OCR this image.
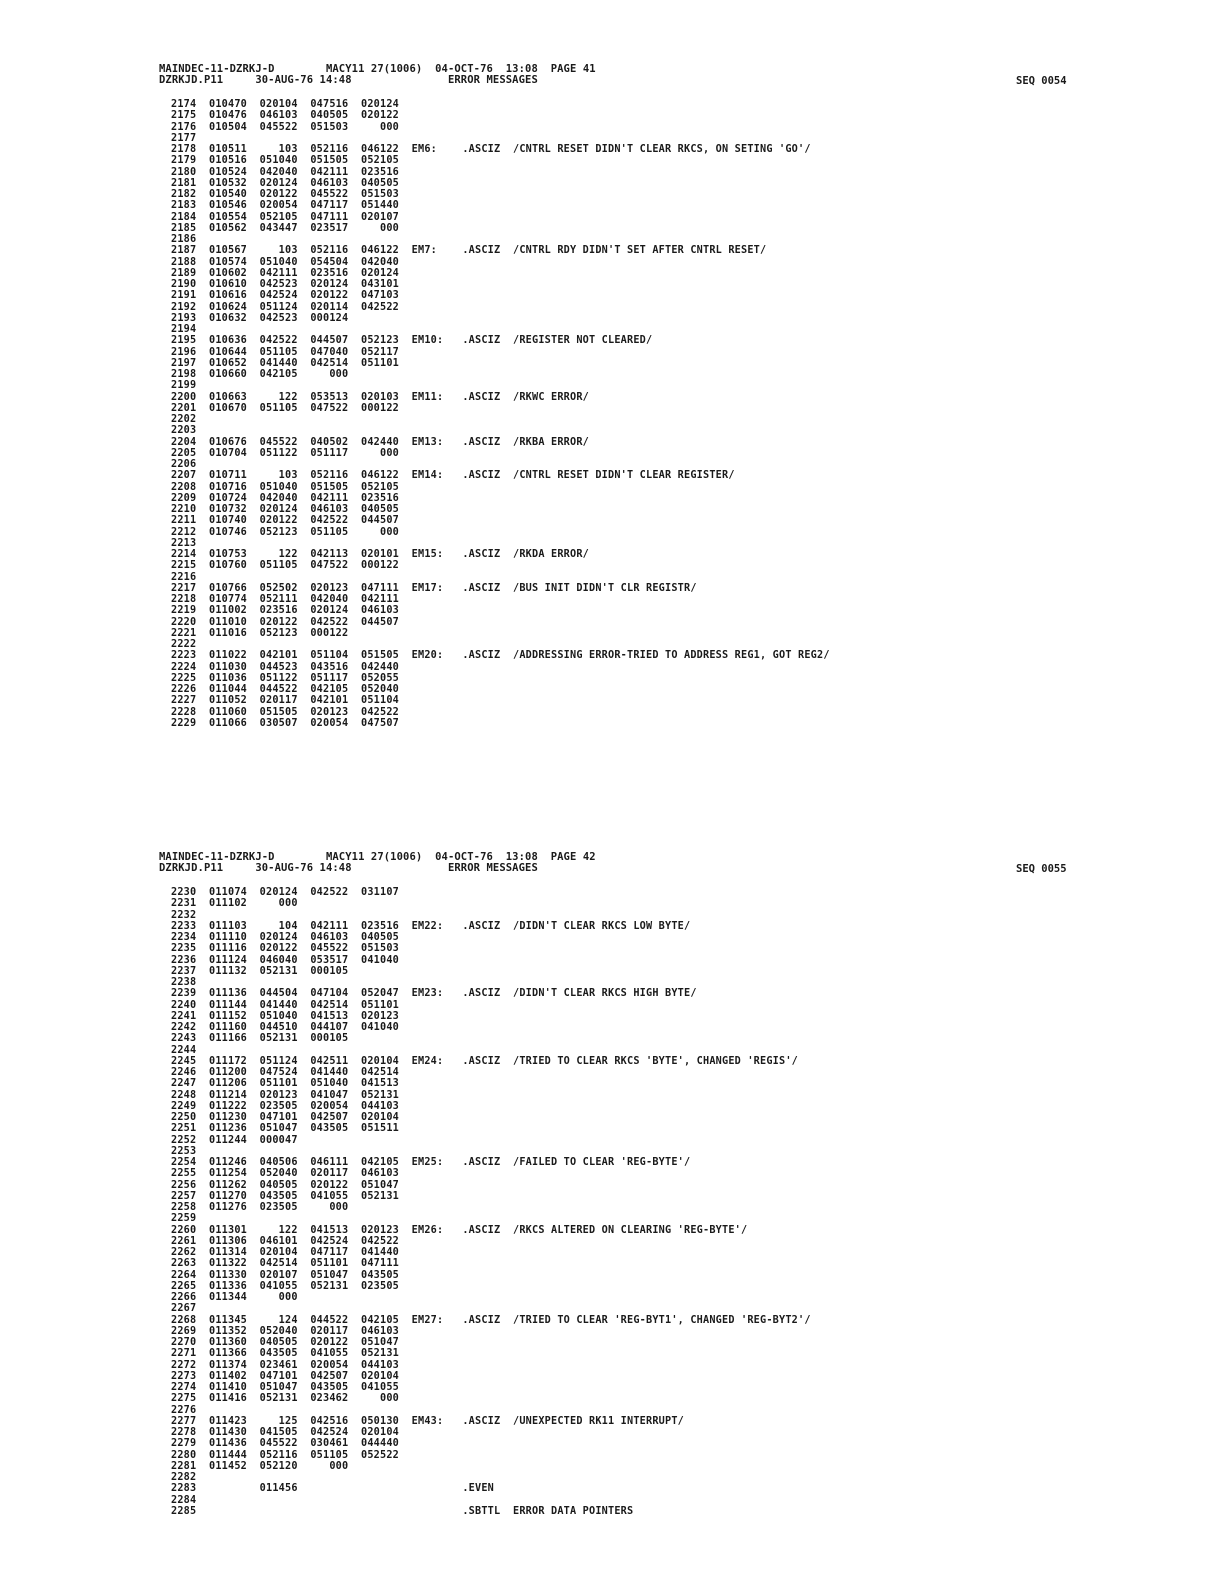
MAINDEC-11-DZRKJ-D        MACY11 27(1006)  04-OCT-76  13:08  PAGE 41
DZRKJD.P11     30-AUG-76 14:48               ERROR MESSAGES	SEQ 0054
2174  010470  020104  047516  020124
2175  010476  046103  040505  020122
2176  010504  045522  051503     000
2177
2178  010511     103  052116  046122  EM6:    .ASCIZ  /CNTRL RESET DIDN'T CLEAR RKCS, ON SETING 'GO'/
2179  010516  051040  051505  052105
2180  010524  042040  042111  023516
2181  010532  020124  046103  040505
2182  010540  020122  045522  051503
2183  010546  020054  047117  051440
2184  010554  052105  047111  020107
2185  010562  043447  023517     000
2186
2187  010567     103  052116  046122  EM7:    .ASCIZ  /CNTRL RDY DIDN'T SET AFTER CNTRL RESET/
2188  010574  051040  054504  042040
2189  010602  042111  023516  020124
2190  010610  042523  020124  043101
2191  010616  042524  020122  047103
2192  010624  051124  020114  042522
2193  010632  042523  000124
2194
2195  010636  042522  044507  052123  EM10:   .ASCIZ  /REGISTER NOT CLEARED/
2196  010644  051105  047040  052117
2197  010652  041440  042514  051101
2198  010660  042105     000
2199
2200  010663     122  053513  020103  EM11:   .ASCIZ  /RKWC ERROR/
2201  010670  051105  047522  000122
2202
2203
2204  010676  045522  040502  042440  EM13:   .ASCIZ  /RKBA ERROR/
2205  010704  051122  051117     000
2206
2207  010711     103  052116  046122  EM14:   .ASCIZ  /CNTRL RESET DIDN'T CLEAR REGISTER/
2208  010716  051040  051505  052105
2209  010724  042040  042111  023516
2210  010732  020124  046103  040505
2211  010740  020122  042522  044507
2212  010746  052123  051105     000
2213
2214  010753     122  042113  020101  EM15:   .ASCIZ  /RKDA ERROR/
2215  010760  051105  047522  000122
2216
2217  010766  052502  020123  047111  EM17:   .ASCIZ  /BUS INIT DIDN'T CLR REGISTR/
2218  010774  052111  042040  042111
2219  011002  023516  020124  046103
2220  011010  020122  042522  044507
2221  011016  052123  000122
2222
2223  011022  042101  051104  051505  EM20:   .ASCIZ  /ADDRESSING ERROR-TRIED TO ADDRESS REG1, GOT REG2/
2224  011030  044523  043516  042440
2225  011036  051122  051117  052055
2226  011044  044522  042105  052040
2227  011052  020117  042101  051104
2228  011060  051505  020123  042522
2229  011066  030507  020054  047507
MAINDEC-11-DZRKJ-D        MACY11 27(1006)  04-OCT-76  13:08  PAGE 42
DZRKJD.P11     30-AUG-76 14:48               ERROR MESSAGES	SEQ 0055
2230  011074  020124  042522  031107
2231  011102     000
2232
2233  011103     104  042111  023516  EM22:   .ASCIZ  /DIDN'T CLEAR RKCS LOW BYTE/
2234  011110  020124  046103  040505
2235  011116  020122  045522  051503
2236  011124  046040  053517  041040
2237  011132  052131  000105
2238
2239  011136  044504  047104  052047  EM23:   .ASCIZ  /DIDN'T CLEAR RKCS HIGH BYTE/
2240  011144  041440  042514  051101
2241  011152  051040  041513  020123
2242  011160  044510  044107  041040
2243  011166  052131  000105
2244
2245  011172  051124  042511  020104  EM24:   .ASCIZ  /TRIED TO CLEAR RKCS 'BYTE', CHANGED 'REGIS'/
2246  011200  047524  041440  042514
2247  011206  051101  051040  041513
2248  011214  020123  041047  052131
2249  011222  023505  020054  044103
2250  011230  047101  042507  020104
2251  011236  051047  043505  051511
2252  011244  000047
2253
2254  011246  040506  046111  042105  EM25:   .ASCIZ  /FAILED TO CLEAR 'REG-BYTE'/
2255  011254  052040  020117  046103
2256  011262  040505  020122  051047
2257  011270  043505  041055  052131
2258  011276  023505     000
2259
2260  011301     122  041513  020123  EM26:   .ASCIZ  /RKCS ALTERED ON CLEARING 'REG-BYTE'/
2261  011306  046101  042524  042522
2262  011314  020104  047117  041440
2263  011322  042514  051101  047111
2264  011330  020107  051047  043505
2265  011336  041055  052131  023505
2266  011344     000
2267
2268  011345     124  044522  042105  EM27:   .ASCIZ  /TRIED TO CLEAR 'REG-BYT1', CHANGED 'REG-BYT2'/
2269  011352  052040  020117  046103
2270  011360  040505  020122  051047
2271  011366  043505  041055  052131
2272  011374  023461  020054  044103
2273  011402  047101  042507  020104
2274  011410  051047  043505  041055
2275  011416  052131  023462     000
2276
2277  011423     125  042516  050130  EM43:   .ASCIZ  /UNEXPECTED RK11 INTERRUPT/
2278  011430  041505  042524  020104
2279  011436  045522  030461  044440
2280  011444  052116  051105  052522
2281  011452  052120     000
2282
2283          011456                          .EVEN
2284
2285                                          .SBTTL  ERROR DATA POINTERS
